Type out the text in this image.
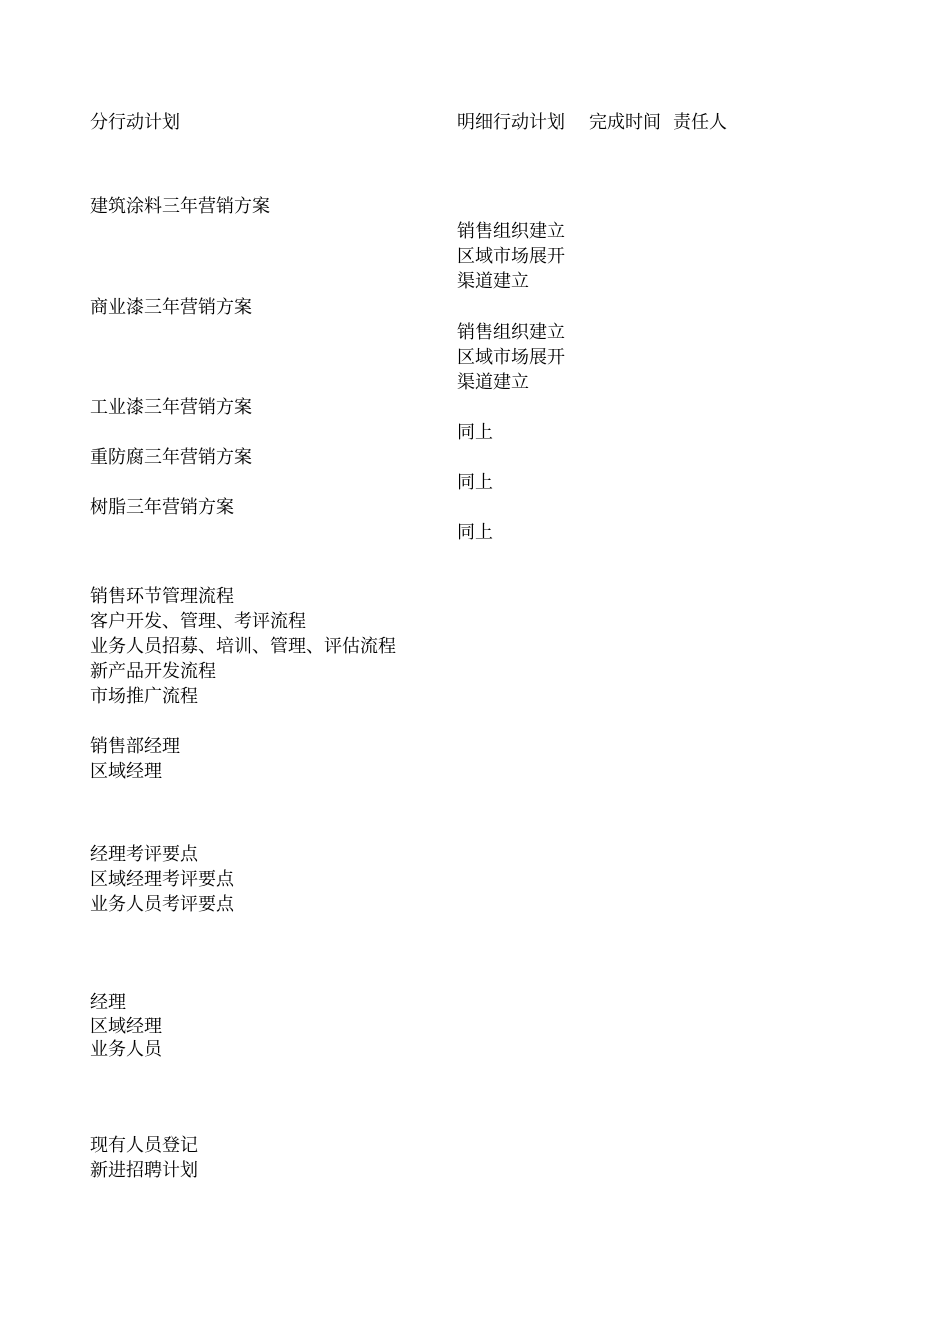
分行动计划	明细行动计划 完成时间 责任人

建筑涂料三年营销方案

销售组织建立

区域市场展开

渠道建立

商业漆三年营销方案

销售组织建立

区域市场展开

渠道建立

工业漆三年营销方案

同上

重防腐三年营销方案

同上

树脂三年营销方案

同上

销售环节管理流程

客户开发、管理、考评流程

业务人员招募、培训、管理、评估流程

新产品开发流程

市场推广流程

销售部经理

区域经理

经理考评要点

区域经理考评要点

业务人员考评要点

经理

区域经理

业务人员

现有人员登记

新进招聘计划
